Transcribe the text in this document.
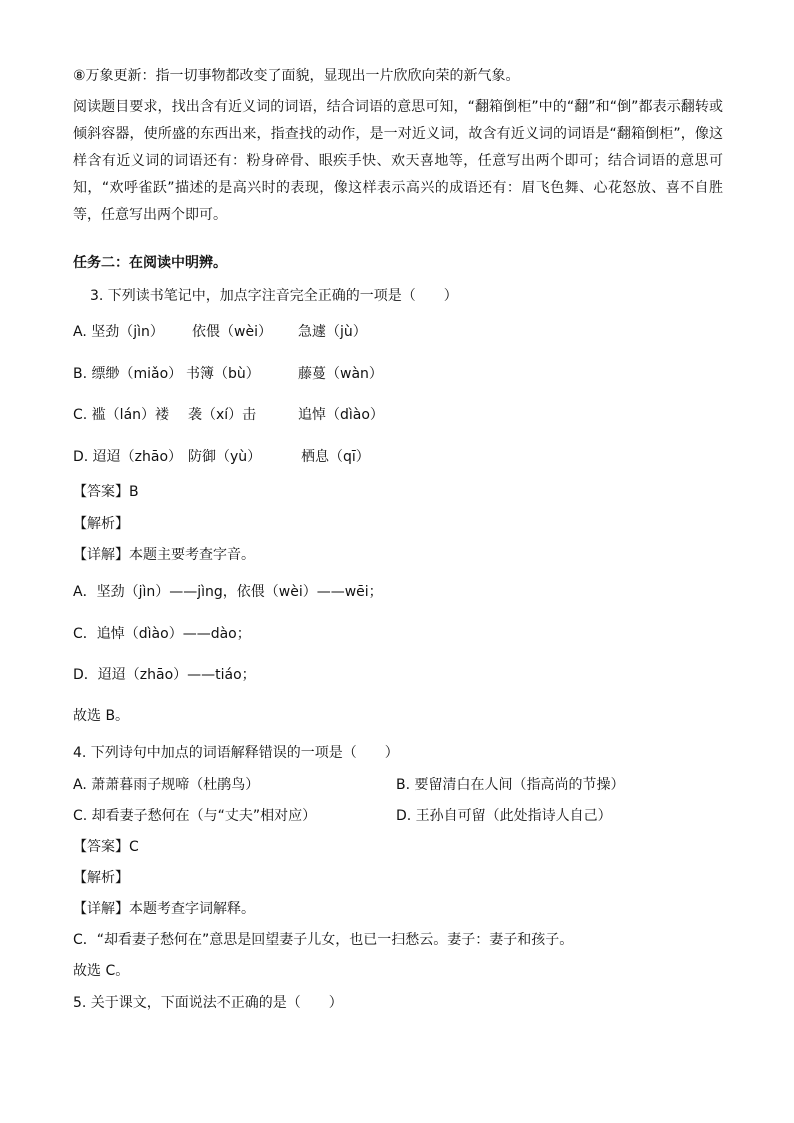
⑧万象更新：指一切事物都改变了面貌，显现出一片欣欣向荣的新气象。
阅读题目要求，找出含有近义词的词语，结合词语的意思可知，“翻箱倒柜”中的“翻”和“倒”都表示翻转或倾斜容器，使所盛的东西出来，指查找的动作，是一对近义词，故含有近义词的词语是“翻箱倒柜”，像这样含有近义词的词语还有：粉身碎骨、眼疾手快、欢天喜地等，任意写出两个即可；结合词语的意思可知，“欢呼雀跃”描述的是高兴时的表现，像这样表示高兴的成语还有：眉飞色舞、心花怒放、喜不自胜等，任意写出两个即可。
任务二：在阅读中明辨。
3. 下列读书笔记中，加点字注音完全正确的一项是（　　）
A. 坚劲（jìn） 依偎（wèi） 急遽（jù）
B. 缥缈（miǎo） 书簿（bù）	藤蔓（wàn）
C. 褴（lán）褛 袭（xí）击	追悼（dìào）
D. 迢迢（zhāo） 防御（yù）	栖息（qī）
【答案】B
【解析】
【详解】本题主要考查字音。
A．坚劲（jìn）——jìng，依偎（wèi）——wēi；
C．追悼（dìào）——dào；
D．迢迢（zhāo）——tiáo；
故选 B。
4. 下列诗句中加点的词语解释错误的一项是（　　）
A. 萧萧暮雨子规啼（杜鹃鸟）	B. 要留清白在人间（指高尚的节操）
C. 却看妻子愁何在（与“丈夫”相对应）	D. 王孙自可留（此处指诗人自己）
【答案】C
【解析】
【详解】本题考查字词解释。
C．“却看妻子愁何在”意思是回望妻子儿女，也已一扫愁云。妻子：妻子和孩子。
故选 C。
5. 关于课文，下面说法不正确的是（　　）
